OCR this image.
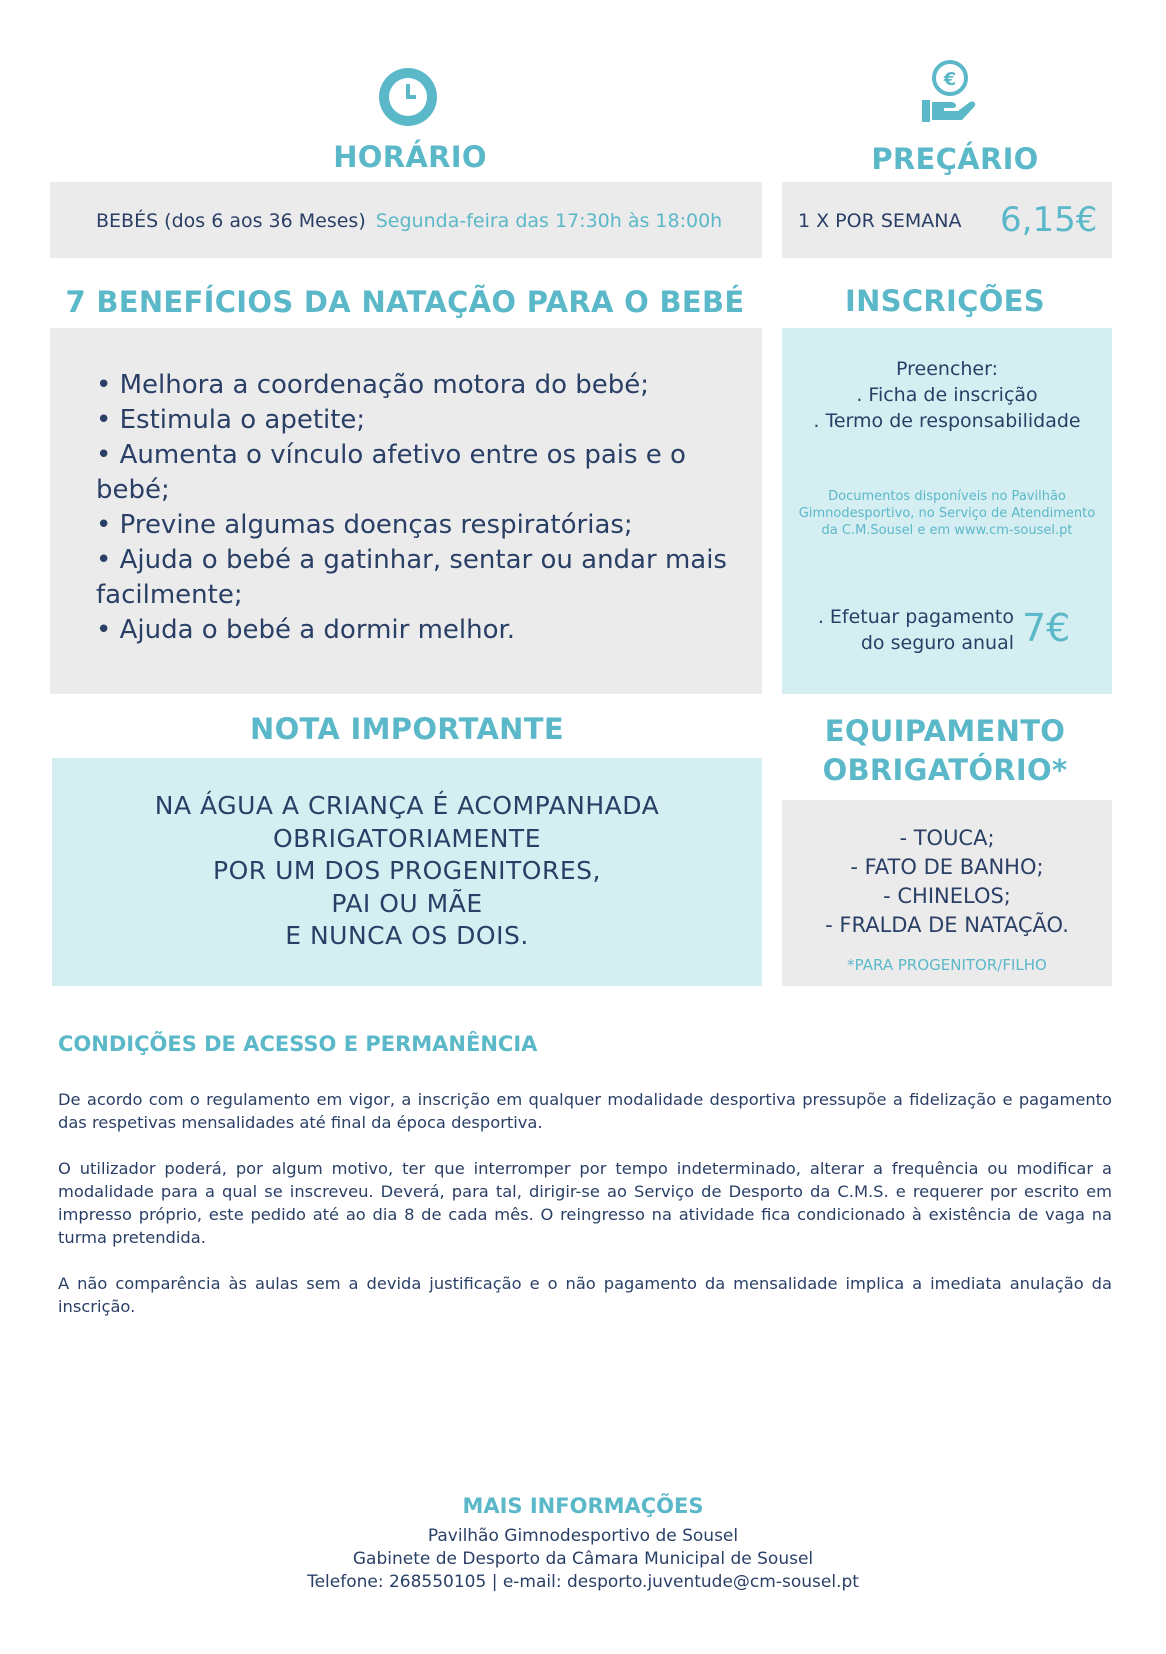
€
HORÁRIO	PREÇÁRIO
BEBÉS (dos 6 aos 36 Meses) Segunda-feira das 17:30h às 18:00h	1 X POR SEMANA 6,15€
7 BENEFÍCIOS DA NATAÇÃO PARA O BEBÉ
• Melhora a coordenação motora do bebé;
• Estimula o apetite;
• Aumenta o vínculo afetivo entre os pais e o bebé;
• Previne algumas doenças respiratórias;
• Ajuda o bebé a gatinhar, sentar ou andar mais facilmente;
• Ajuda o bebé a dormir melhor.
INSCRIÇÕES
Preencher:
. Ficha de inscrição
. Termo de responsabilidade
Documentos disponíveis no Pavilhão Gimnodesportivo, no Serviço de Atendimento da C.M.Sousel e em www.cm-sousel.pt
. Efetuar pagamento
do seguro anual 7€
NOTA IMPORTANTE
NA ÁGUA A CRIANÇA É ACOMPANHADA
OBRIGATORIAMENTE
POR UM DOS PROGENITORES,
PAI OU MÃE
E NUNCA OS DOIS.
EQUIPAMENTO
OBRIGATÓRIO*
- TOUCA;
- FATO DE BANHO;
- CHINELOS;
- FRALDA DE NATAÇÃO.
*PARA PROGENITOR/FILHO
CONDIÇÕES DE ACESSO E PERMANÊNCIA

De acordo com o regulamento em vigor, a inscrição em qualquer modalidade desportiva pressupõe a fidelização e pagamento das respetivas mensalidades até final da época desportiva.

O utilizador poderá, por algum motivo, ter que interromper por tempo indeterminado, alterar a frequência ou modificar a modalidade para a qual se inscreveu. Deverá, para tal, dirigir-se ao Serviço de Desporto da C.M.S. e requerer por escrito em impresso próprio, este pedido até ao dia 8 de cada mês. O reingresso na atividade fica condicionado à existência de vaga na turma pretendida.

A não comparência às aulas sem a devida justificação e o não pagamento da mensalidade implica a imediata anulação da inscrição.

MAIS INFORMAÇÕES
Pavilhão Gimnodesportivo de Sousel
Gabinete de Desporto da Câmara Municipal de Sousel
Telefone: 268550105 | e-mail: desporto.juventude@cm-sousel.pt
